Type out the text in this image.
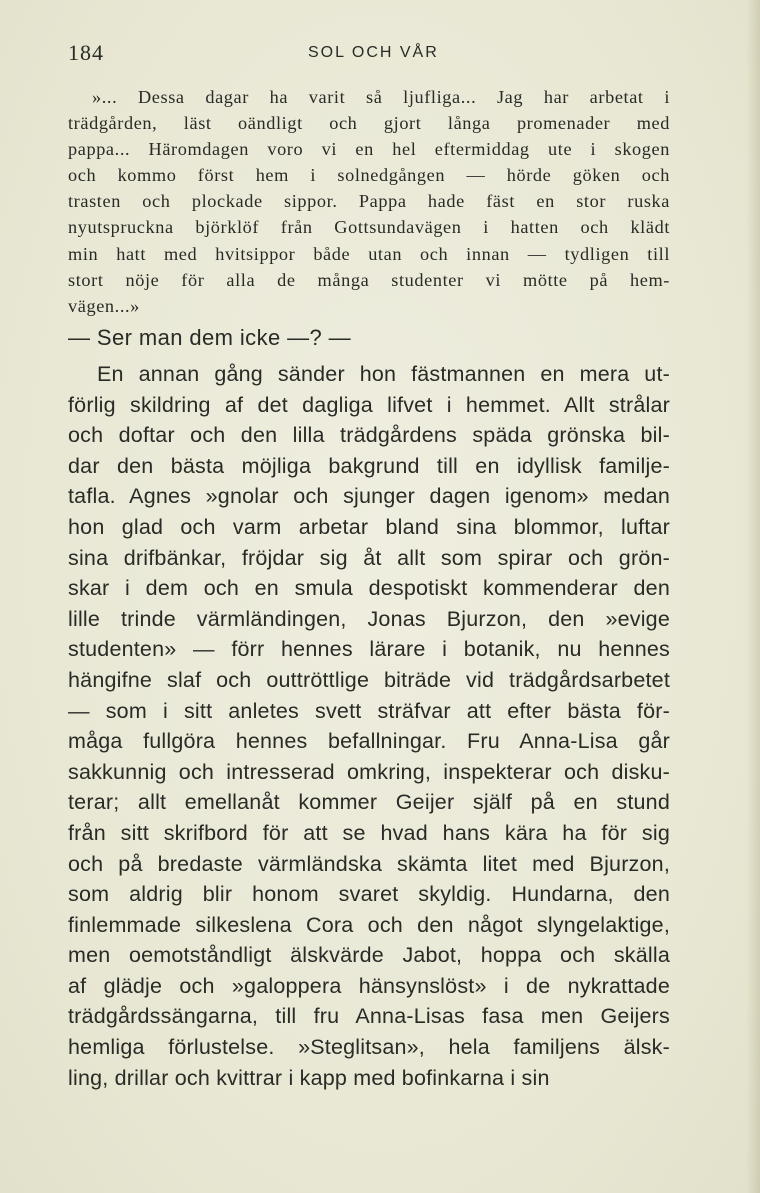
184	SOL OCH VÅR
»... Dessa dagar ha varit så ljufliga... Jag har arbetat i
trädgården, läst oändligt och gjort långa promenader med
pappa... Häromdagen voro vi en hel eftermiddag ute i skogen
och kommo först hem i solnedgången — hörde göken och
trasten och plockade sippor. Pappa hade fäst en stor ruska
nyutspruckna björklöf från Gottsundavägen i hatten och klädt
min hatt med hvitsippor både utan och innan — tydligen till
stort nöje för alla de många studenter vi mötte på hem-
vägen...»
— Ser man dem icke —? —
En annan gång sänder hon fästmannen en mera ut-
förlig skildring af det dagliga lifvet i hemmet. Allt strålar
och doftar och den lilla trädgårdens späda grönska bil-
dar den bästa möjliga bakgrund till en idyllisk familje-
tafla. Agnes »gnolar och sjunger dagen igenom» medan
hon glad och varm arbetar bland sina blommor, luftar
sina drifbänkar, fröjdar sig åt allt som spirar och grön-
skar i dem och en smula despotiskt kommenderar den
lille trinde värmländingen, Jonas Bjurzon, den »evige
studenten» — förr hennes lärare i botanik, nu hennes
hängifne slaf och outtröttlige biträde vid trädgårdsarbetet
— som i sitt anletes svett sträfvar att efter bästa för-
måga fullgöra hennes befallningar. Fru Anna-Lisa går
sakkunnig och intresserad omkring, inspekterar och disku-
terar; allt emellanåt kommer Geijer själf på en stund
från sitt skrifbord för att se hvad hans kära ha för sig
och på bredaste värmländska skämta litet med Bjurzon,
som aldrig blir honom svaret skyldig. Hundarna, den
finlemmade silkeslena Cora och den något slyngelaktige,
men oemotståndligt älskvärde Jabot, hoppa och skälla
af glädje och »galoppera hänsynslöst» i de nykrattade
trädgårdssängarna, till fru Anna-Lisas fasa men Geijers
hemliga förlustelse. »Steglitsan», hela familjens älsk-
ling, drillar och kvittrar i kapp med bofinkarna i sin
